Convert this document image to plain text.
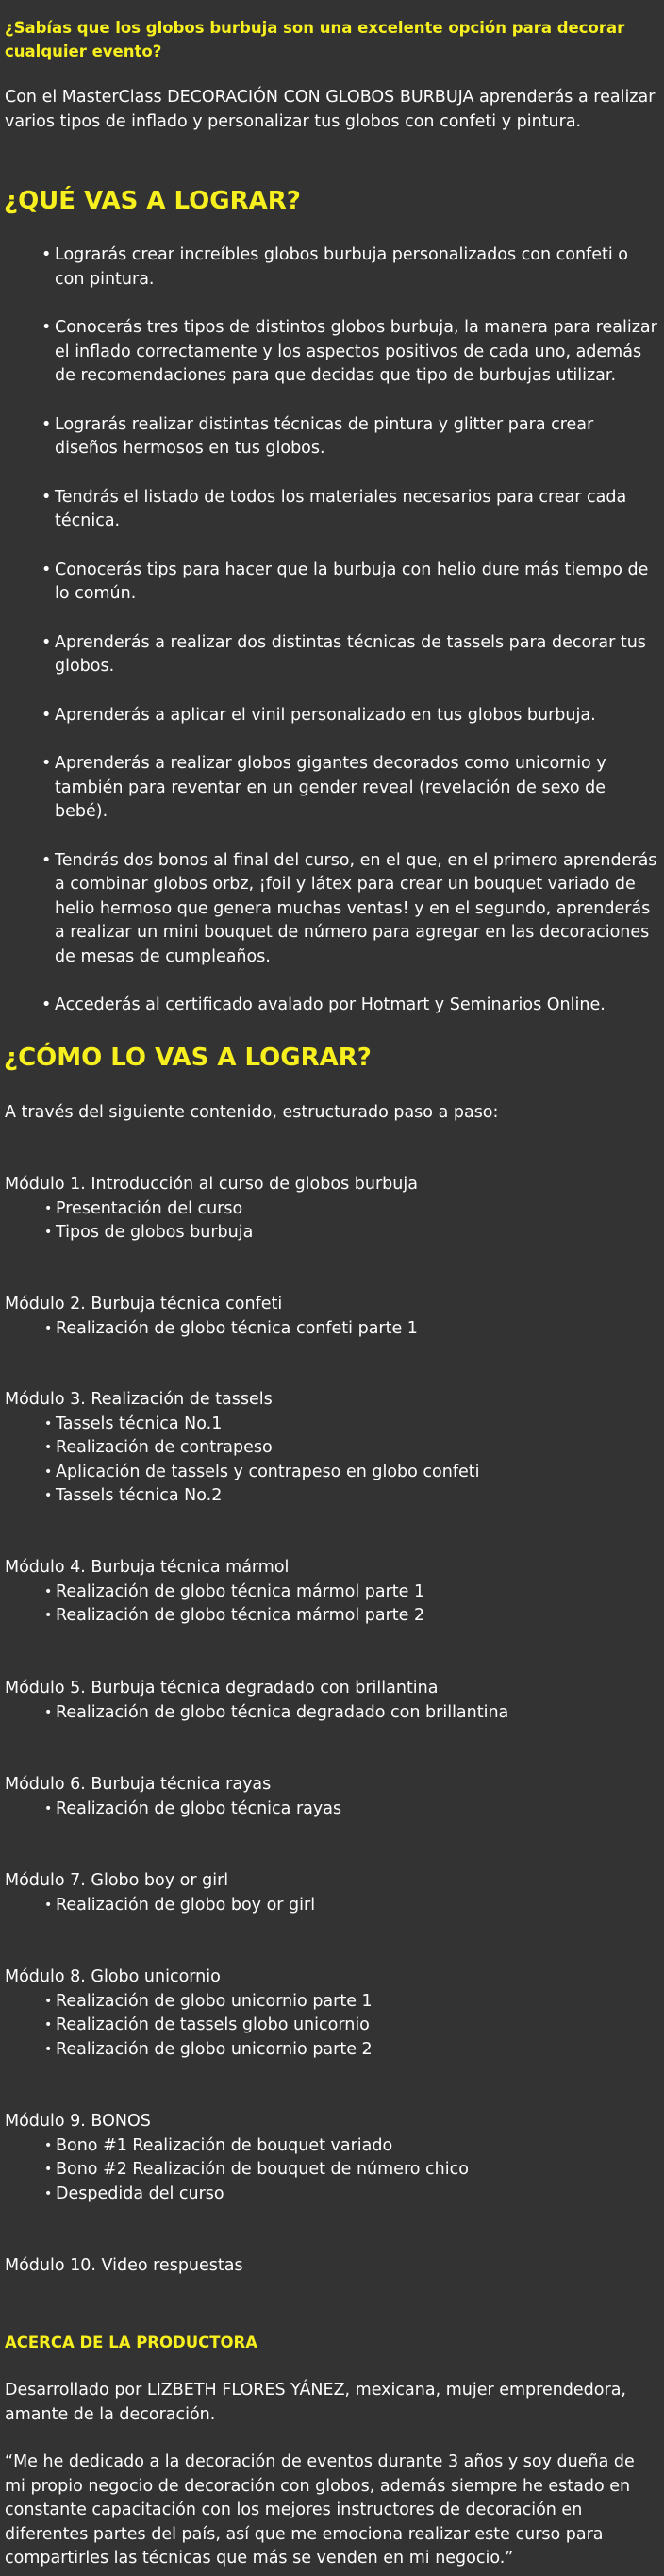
¿Sabías que los globos burbuja son una excelente opción para decorar cualquier evento?

Con el MasterClass DECORACIÓN CON GLOBOS BURBUJA aprenderás a realizar varios tipos de inflado y personalizar tus globos con confeti y pintura.

¿QUÉ VAS A LOGRAR?
• Lograrás crear increíbles globos burbuja personalizados con confeti o con pintura.
• Conocerás tres tipos de distintos globos burbuja, la manera para realizar el inflado correctamente y los aspectos positivos de cada uno, además de recomendaciones para que decidas que tipo de burbujas utilizar.
• Lograrás realizar distintas técnicas de pintura y glitter para crear diseños hermosos en tus globos.
• Tendrás el listado de todos los materiales necesarios para crear cada técnica.
• Conocerás tips para hacer que la burbuja con helio dure más tiempo de lo común.
• Aprenderás a realizar dos distintas técnicas de tassels para decorar tus globos.
• Aprenderás a aplicar el vinil personalizado en tus globos burbuja.
• Aprenderás a realizar globos gigantes decorados como unicornio y también para reventar en un gender reveal (revelación de sexo de bebé).
• Tendrás dos bonos al final del curso, en el que, en el primero aprenderás a combinar globos orbz, ¡foil y látex para crear un bouquet variado de helio hermoso que genera muchas ventas! y en el segundo, aprenderás a realizar un mini bouquet de número para agregar en las decoraciones de mesas de cumpleaños.
• Accederás al certificado avalado por Hotmart y Seminarios Online.
¿CÓMO LO VAS A LOGRAR?

A través del siguiente contenido, estructurado paso a paso:

Módulo 1. Introducción al curso de globos burbuja

• Presentación del curso
• Tipos de globos burbuja

Módulo 2. Burbuja técnica confeti

• Realización de globo técnica confeti parte 1

Módulo 3. Realización de tassels

• Tassels técnica No.1
• Realización de contrapeso
• Aplicación de tassels y contrapeso en globo confeti
• Tassels técnica No.2

Módulo 4. Burbuja técnica mármol

• Realización de globo técnica mármol parte 1
• Realización de globo técnica mármol parte 2

Módulo 5. Burbuja técnica degradado con brillantina

• Realización de globo técnica degradado con brillantina

Módulo 6. Burbuja técnica rayas

• Realización de globo técnica rayas

Módulo 7. Globo boy or girl

• Realización de globo boy or girl

Módulo 8. Globo unicornio

• Realización de globo unicornio parte 1
• Realización de tassels globo unicornio
• Realización de globo unicornio parte 2

Módulo 9. BONOS

• Bono #1 Realización de bouquet variado
• Bono #2 Realización de bouquet de número chico
• Despedida del curso

Módulo 10. Video respuestas

ACERCA DE LA PRODUCTORA

Desarrollado por LIZBETH FLORES YÁNEZ, mexicana, mujer emprendedora, amante de la decoración.

“Me he dedicado a la decoración de eventos durante 3 años y soy dueña de mi propio negocio de decoración con globos, además siempre he estado en constante capacitación con los mejores instructores de decoración en diferentes partes del país, así que me emociona realizar este curso para compartirles las técnicas que más se venden en mi negocio.”
